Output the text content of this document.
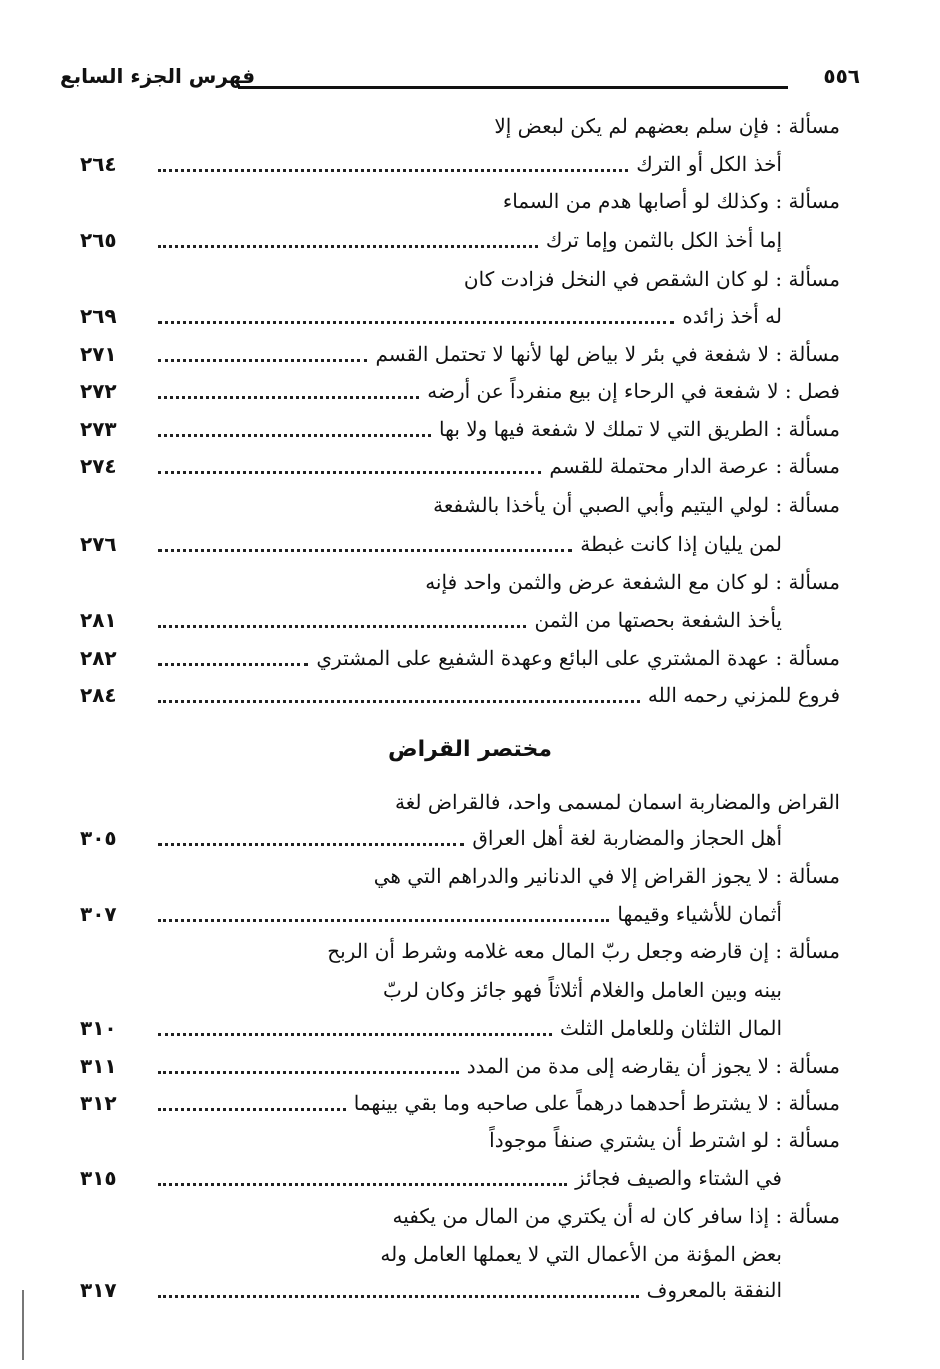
٥٥٦
فهرس الجزء السابع
مسألة : فإن سلم بعضهم لم يكن لبعض إلا
أخذ الكل أو الترك
٢٦٤
مسألة : وكذلك لو أصابها هدم من السماء
إما أخذ الكل بالثمن وإما ترك
٢٦٥
مسألة : لو كان الشقص في النخل فزادت كان
له أخذ زائده
٢٦٩
مسألة : لا شفعة في بئر لا بياض لها لأنها لا تحتمل القسم
٢٧١
فصل : لا شفعة في الرحاء إن بيع منفرداً عن أرضه
٢٧٢
مسألة : الطريق التي لا تملك لا شفعة فيها ولا بها
٢٧٣
مسألة : عرصة الدار محتملة للقسم
٢٧٤
مسألة : لولي اليتيم وأبي الصبي أن يأخذا بالشفعة
لمن يليان إذا كانت غبطة
٢٧٦
مسألة : لو كان مع الشفعة عرض والثمن واحد فإنه
يأخذ الشفعة بحصتها من الثمن
٢٨١
مسألة : عهدة المشتري على البائع وعهدة الشفيع على المشتري
٢٨٢
فروع للمزني رحمه الله
٢٨٤
مختصر القراض
القراض والمضاربة اسمان لمسمى واحد، فالقراض لغة
أهل الحجاز والمضاربة لغة أهل العراق
٣٠٥
مسألة : لا يجوز القراض إلا في الدنانير والدراهم التي هي
أثمان للأشياء وقيمها
٣٠٧
مسألة : إن قارضه وجعل ربّ المال معه غلامه وشرط أن الربح
بينه وبين العامل والغلام أثلاثاً فهو جائز وكان لربّ
المال الثلثان وللعامل الثلث
٣١٠
مسألة : لا يجوز أن يقارضه إلى مدة من المدد
٣١١
مسألة : لا يشترط أحدهما درهماً على صاحبه وما بقي بينهما
٣١٢
مسألة : لو اشترط أن يشتري صنفاً موجوداً
في الشتاء والصيف فجائز
٣١٥
مسألة : إذا سافر كان له أن يكتري من المال من يكفيه
بعض المؤنة من الأعمال التي لا يعملها العامل وله
النفقة بالمعروف
٣١٧
